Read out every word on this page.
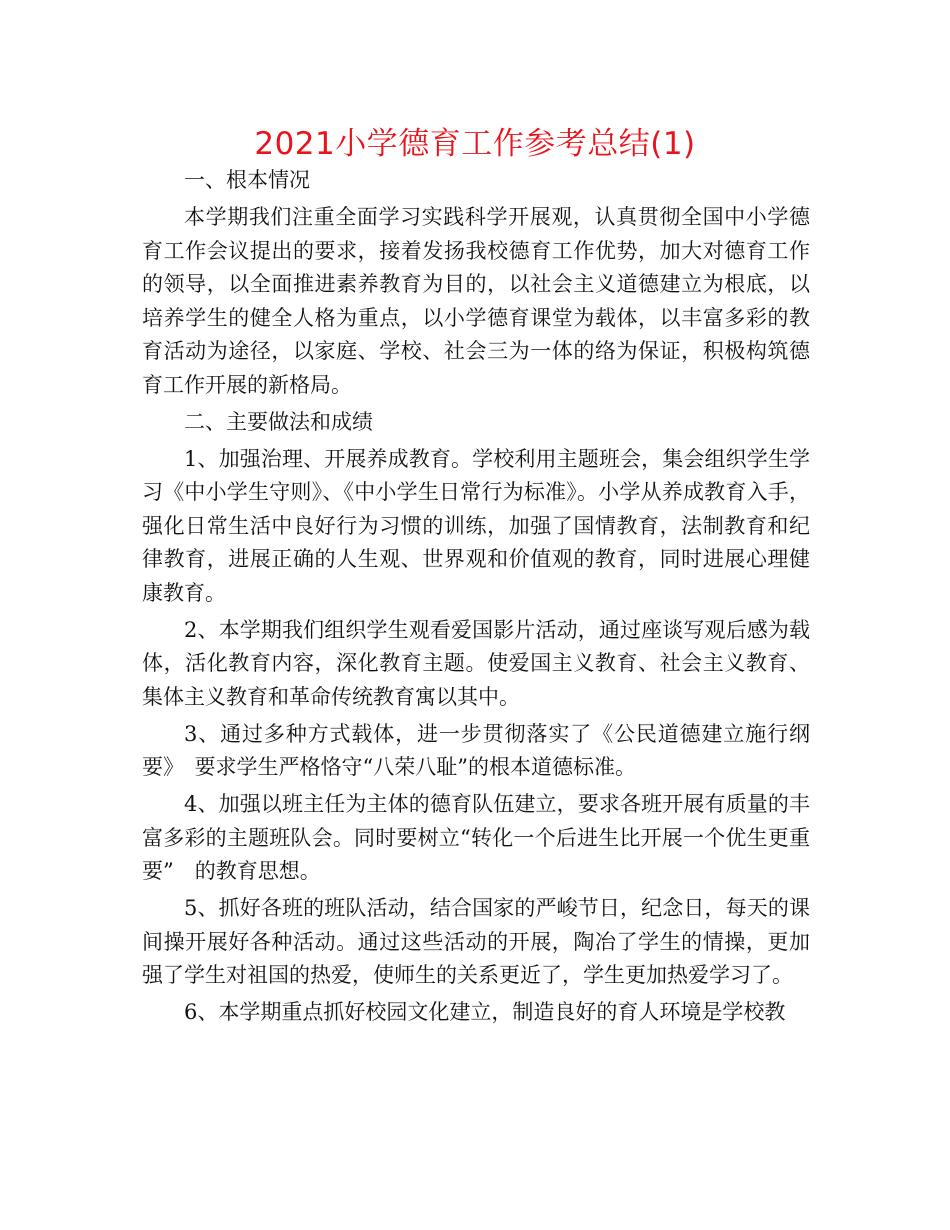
2021小学德育工作参考总结(1)

一、根本情况

本学期我们注重全面学习实践科学开展观，认真贯彻全国中小学德育工作会议提出的要求，接着发扬我校德育工作优势，加大对德育工作的领导，以全面推进素养教育为目的，以社会主义道德建立为根底，以培养学生的健全人格为重点，以小学德育课堂为载体，以丰富多彩的教育活动为途径，以家庭、学校、社会三为一体的络为保证，积极构筑德育工作开展的新格局。

二、主要做法和成绩

1、加强治理、开展养成教育。学校利用主题班会，集会组织学生学习《中小学生守则》、《中小学生日常行为标准》。小学从养成教育入手，强化日常生活中良好行为习惯的训练，加强了国情教育，法制教育和纪律教育，进展正确的人生观、世界观和价值观的教育，同时进展心理健康教育。

2、本学期我们组织学生观看爱国影片活动，通过座谈写观后感为载体，活化教育内容，深化教育主题。使爱国主义教育、社会主义教育、集体主义教育和革命传统教育寓以其中。

3、通过多种方式载体，进一步贯彻落实了《公民道德建立施行纲要》　要求学生严格恪守“八荣八耻”的根本道德标准。

4、加强以班主任为主体的德育队伍建立，要求各班开展有质量的丰富多彩的主题班队会。同时要树立“转化一个后进生比开展一个优生更重要”　的教育思想。

5、抓好各班的班队活动，结合国家的严峻节日，纪念日，每天的课间操开展好各种活动。通过这些活动的开展，陶冶了学生的情操，更加强了学生对祖国的热爱，使师生的关系更近了，学生更加热爱学习了。

6、本学期重点抓好校园文化建立，制造良好的育人环境是学校教
